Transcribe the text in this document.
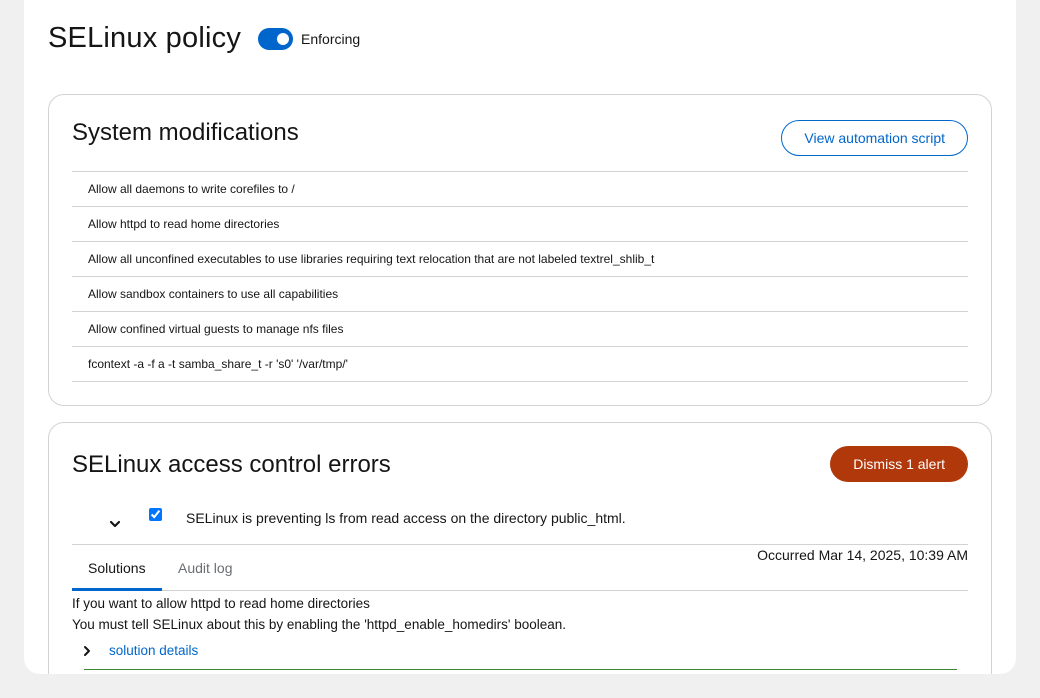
SELinux policy	Enforcing
System modifications	View automation script
Allow all daemons to write corefiles to /
Allow httpd to read home directories
Allow all unconfined executables to use libraries requiring text relocation that are not labeled textrel_shlib_t
Allow sandbox containers to use all capabilities
Allow confined virtual guests to manage nfs files
fcontext -a -f a -t samba_share_t -r 's0' '/var/tmp/'
SELinux access control errors	Dismiss 1 alert
SELinux is preventing ls from read access on the directory public_html.
Solutions	Audit log
Occurred Mar 14, 2025, 10:39 AM
If you want to allow httpd to read home directories
You must tell SELinux about this by enabling the 'httpd_enable_homedirs' boolean.
solution details
